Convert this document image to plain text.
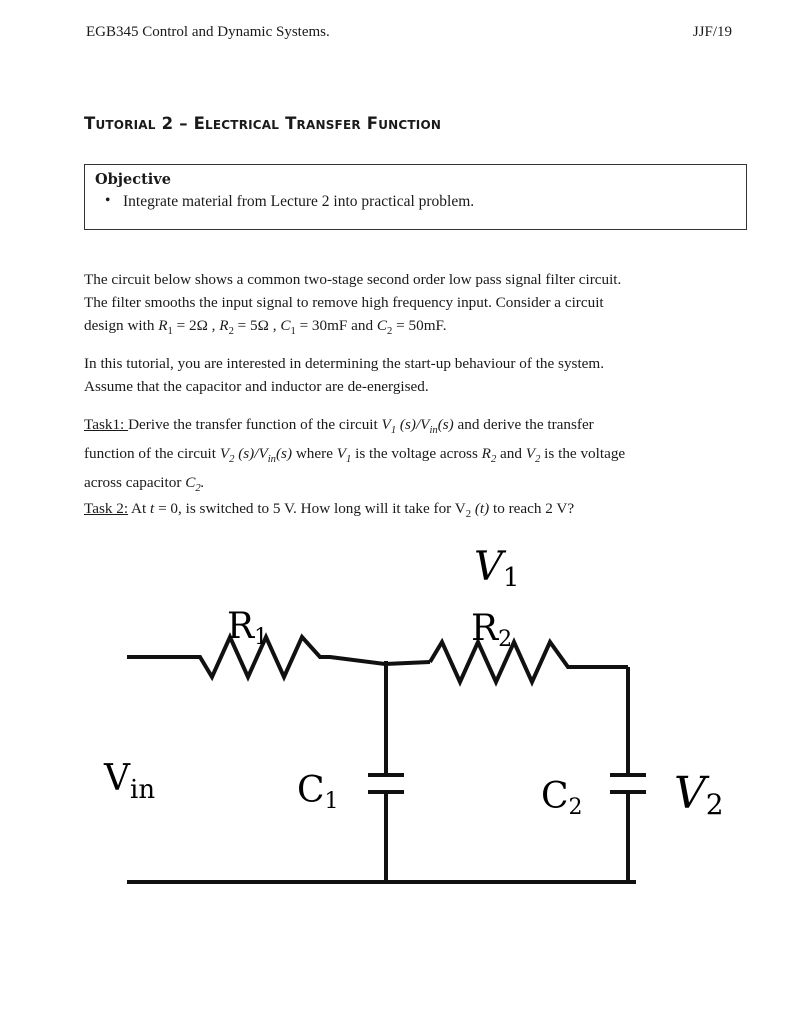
EGB345 Control and Dynamic Systems.	JJF/19
Tutorial 2 – Electrical Transfer Function
Objective
• Integrate material from Lecture 2 into practical problem.

The circuit below shows a common two-stage second order low pass signal filter circuit.
The filter smooths the input signal to remove high frequency input. Consider a circuit
design with $R_1 = 2\Omega$ , $R_2 = 5\Omega$ , $C_1 = 30mF$ and $C_2 = 50mF$.

In this tutorial, you are interested in determining the start-up behaviour of the system.
Assume that the capacitor and inductor are de-energised.

Task1: Derive the transfer function of the circuit $V_1$ $(s)/V_{in}(s)$ and derive the transfer
function of the circuit $V_2$ $(s)/V_{in}(s)$ where $V_1$ is the voltage across $R_2$ and $V_2$ is the voltage
across capacitor $C_2$.

Task 2: At t = 0, is switched to 5 V. How long will it take for $V_2$ (t) to reach 2 V?

V1
R1	R2
$V_{in}$	C1	C2 V2
